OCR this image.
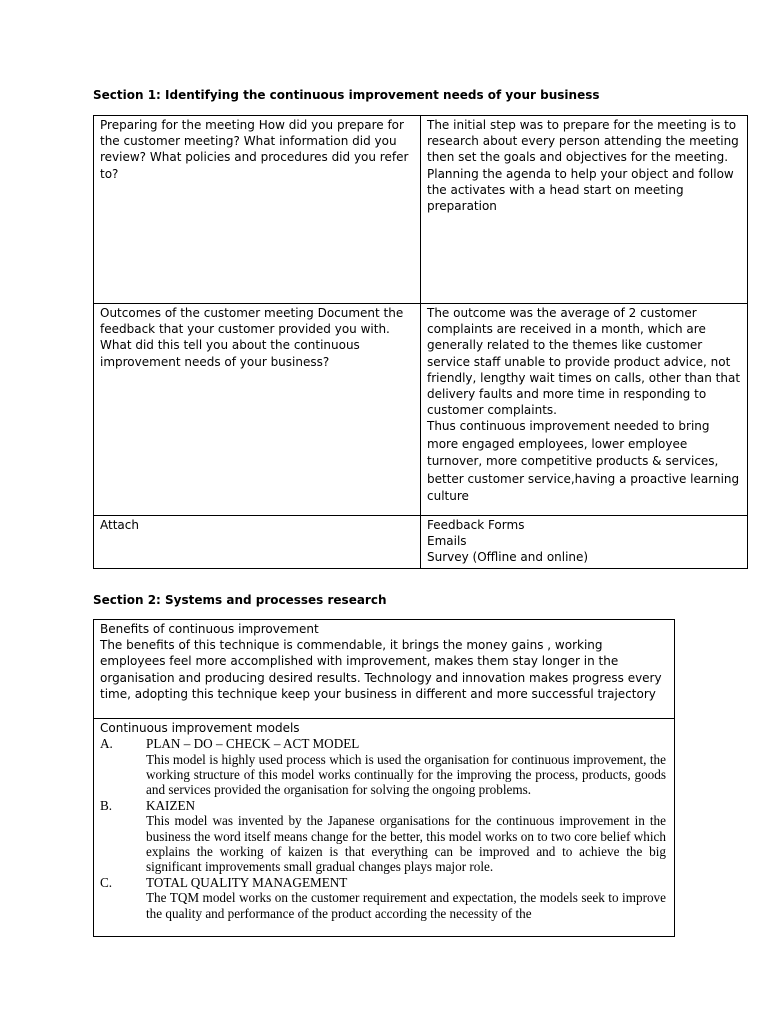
Section 1: Identifying the continuous improvement needs of your business
Preparing for the meeting How did you prepare for the customer meeting? What information did you review? What policies and procedures did you refer to?	The initial step was to prepare for the meeting is to research about every person attending the meeting then set the goals and objectives for the meeting. Planning the agenda to help your object and follow the activates with a head start on meeting preparation
Outcomes of the customer meeting Document the feedback that your customer provided you with. What did this tell you about the continuous improvement needs of your business?	The outcome was the average of 2 customer complaints are received in a month, which are generally related to the themes like customer service staff unable to provide product advice, not friendly, lengthy wait times on calls, other than that delivery faults and more time in responding to customer complaints.
Thus continuous improvement needed to bring more engaged employees, lower employee turnover, more competitive products & services, better customer service,having a proactive learning culture

Attach	Feedback Forms
Emails
Survey (Offline and online)
Section 2: Systems and processes research
Benefits of continuous improvement
The benefits of this technique is commendable, it brings the money gains , working employees feel more accomplished with improvement, makes them stay longer in the organisation and producing desired results. Technology and innovation makes progress every time, adopting this technique keep your business in different and more successful trajectory

Continuous improvement models
A.	PLAN – DO – CHECK – ACT MODEL
This model is highly used process which is used the organisation for continuous improvement, the working structure of this model works continually for the improving the process, products, goods and services provided the organisation for solving the ongoing problems.
B.	KAIZEN
This model was invented by the Japanese organisations for the continuous improvement in the business the word itself means change for the better, this model works on to two core belief which explains the working of kaizen is that everything can be improved and to achieve the big significant improvements small gradual changes plays major role.
C.	TOTAL QUALITY MANAGEMENT
The TQM model works on the customer requirement and expectation, the models seek to improve the quality and performance of the product according the necessity of the
